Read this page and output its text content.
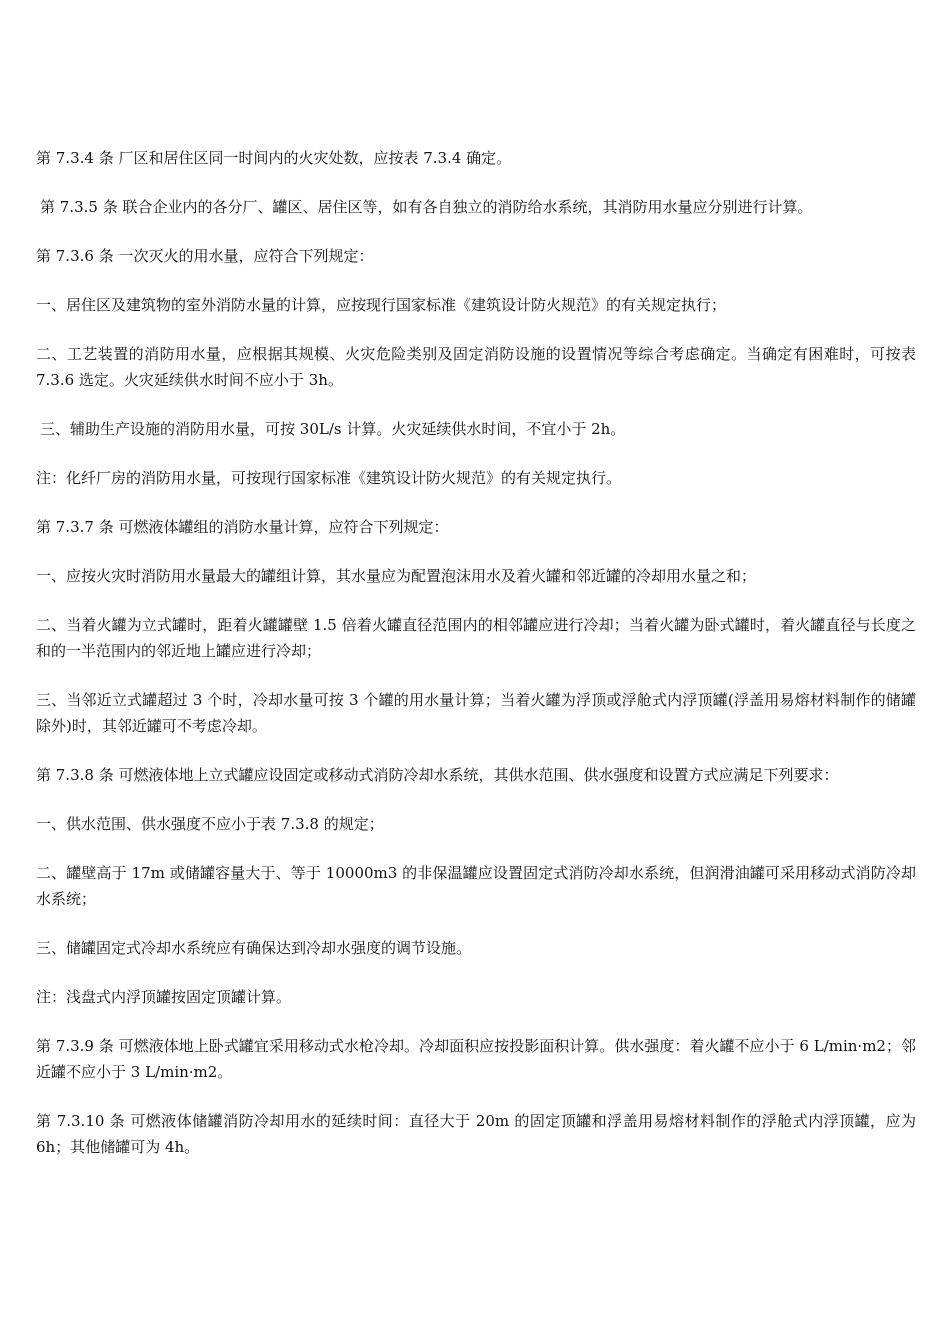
第 7.3.4 条 厂区和居住区同一时间内的火灾处数，应按表 7.3.4 确定。
第 7.3.5 条 联合企业内的各分厂、罐区、居住区等，如有各自独立的消防给水系统，其消防用水量应分别进行计算。
第 7.3.6 条 一次灭火的用水量，应符合下列规定：
一、居住区及建筑物的室外消防水量的计算，应按现行国家标准《建筑设计防火规范》的有关规定执行；
二、工艺装置的消防用水量，应根据其规模、火灾危险类别及固定消防设施的设置情况等综合考虑确定。当确定有困难时，可按表 7.3.6 选定。火灾延续供水时间不应小于 3h。
三、辅助生产设施的消防用水量，可按 30L/s 计算。火灾延续供水时间，不宜小于 2h。
注：化纤厂房的消防用水量，可按现行国家标准《建筑设计防火规范》的有关规定执行。
第 7.3.7 条 可燃液体罐组的消防水量计算，应符合下列规定：
一、应按火灾时消防用水量最大的罐组计算，其水量应为配置泡沫用水及着火罐和邻近罐的冷却用水量之和；
二、当着火罐为立式罐时，距着火罐罐壁 1.5 倍着火罐直径范围内的相邻罐应进行冷却；当着火罐为卧式罐时，着火罐直径与长度之和的一半范围内的邻近地上罐应进行冷却；
三、当邻近立式罐超过 3 个时，冷却水量可按 3 个罐的用水量计算；当着火罐为浮顶或浮舱式内浮顶罐(浮盖用易熔材料制作的储罐除外)时，其邻近罐可不考虑冷却。
第 7.3.8 条 可燃液体地上立式罐应设固定或移动式消防冷却水系统，其供水范围、供水强度和设置方式应满足下列要求：
一、供水范围、供水强度不应小于表 7.3.8 的规定；
二、罐壁高于 17m 或储罐容量大于、等于 10000m3 的非保温罐应设置固定式消防冷却水系统，但润滑油罐可采用移动式消防冷却水系统；
三、储罐固定式冷却水系统应有确保达到冷却水强度的调节设施。
注：浅盘式内浮顶罐按固定顶罐计算。
第 7.3.9 条 可燃液体地上卧式罐宜采用移动式水枪冷却。冷却面积应按投影面积计算。供水强度：着火罐不应小于 6 L/min·m2；邻近罐不应小于 3 L/min·m2。
第 7.3.10 条 可燃液体储罐消防冷却用水的延续时间：直径大于 20m 的固定顶罐和浮盖用易熔材料制作的浮舱式内浮顶罐，应为 6h；其他储罐可为 4h。
